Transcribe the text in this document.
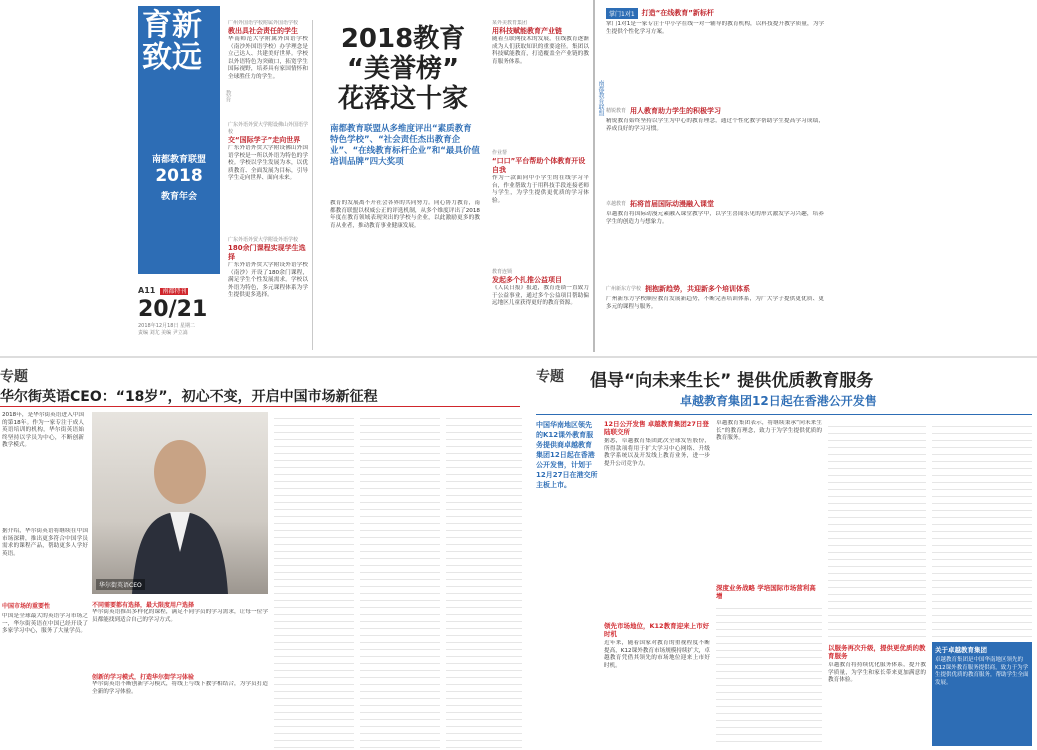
育新致远
南都教育联盟
2018
教育年会
教育
A11 南都特刊
20/21
2018年12月18日 星期二
责编 刘尤 美编 尹立嵩
广州外国语学校附属外国语学校
教出具社会责任的学生
华南师范大学附属外国语学校（南沙外国语学校）办学理念是立己达人、共建美好世界。学校以外语特色为突破口，拓宽学生国际视野，培养具有家国情怀和全球胜任力的学生。
广东外语外贸大学附设佛山外国语学校
交“国际学子”走向世界
广东外语外贸大学附设佛山外国语学校是一所以外语为特色的学校。学校以学生发展为本，以优质教育、全面发展为目标，引导学生走向世界、面向未来。
广东外语外贸大学附设外语学校
180余门课程实现学生选择
广东外语外贸大学附设外语学校（南沙）开设了180余门课程，满足学生个性发展需求。学校以外语为特色，多元课程体系为学生提供更多选择。
2018教育
“美誉榜”
花落这十家
南都教育联盟从多维度评出“素质教育特色学校”、“社会责任杰出教育企业”、“在线教育标杆企业”和“最具价值培训品牌”四大奖项
教育的发展离不开社会各界的共同努力。同心协力教育，南都教育联盟以权威公正的评选机制，从多个维度评出了2018年度在教育领域表现突出的学校与企业，以此激励更多的教育从业者，推动教育事业健康发展。
某外美教育集团
用科技赋能教育产业链
随着互联网技术的发展，在线教育逐渐成为人们获取知识的重要途径。集团以科技赋能教育，打造覆盖全产业链的教育服务体系。
作业帮
“口口”平台帮助个体教育开设自我
作为一款面向中小学生的在线学习平台，作业帮致力于用科技手段连接老师与学生，为学生提供更优质的学习体验。
教育连锁
发起多个扎推公益项目
《人民日报》报道，教育连锁一直致力于公益事业，通过多个公益项目帮助偏远地区儿童获得更好的教育资源。
南都教育联盟
掌门1对1	打造“在线教育”新标杆
掌门1对1是一家专注于中小学在线一对一辅导的教育机构，以科技提升教学质量，为学生提供个性化学习方案。
精锐教育 用人教育助力学生的积极学习
精锐教育始终坚持以学生为中心的教育理念，通过个性化教学帮助学生提高学习成绩，养成良好的学习习惯。
卓越教育 拓将首届国际动漫融入课堂
卓越教育将国际动漫元素融入课堂教学中，以学生喜闻乐见的形式激发学习兴趣，培养学生的创造力与想象力。
广州新东方学校 拥抱新趋势，共迎新多个培训体系
广州新东方学校顺应教育发展新趋势，不断完善培训体系，为广大学子提供更优质、更多元的课程与服务。
专题
华尔街英语CEO：“18岁”，初心不变，开启中国市场新征程
2018年，是华尔街英语进入中国的第18年。作为一家专注于成人英语培训的机构，华尔街英语始终坚持以学员为中心，不断创新教学模式。
华尔街英语CEO
据介绍，华尔街英语将继续在中国市场深耕，推出更多符合中国学员需求的课程产品，帮助更多人学好英语。
中国市场的重要性
中国是全球最大的英语学习市场之一，华尔街英语在中国已经开设了多家学习中心，服务了大量学员。
不同需要都有选择，最大限度用户选择
华尔街英语推出多样化的课程，满足不同学员的学习需求，让每一位学员都能找到适合自己的学习方式。
创新的学习模式，打造华尔街学习体验
华尔街英语不断创新学习模式，将线上与线下教学相结合，为学员打造全新的学习体验。
专题 倡导“向未来生长” 提供优质教育服务
卓越教育集团12日起在香港公开发售
中国华南地区领先的K12课外教育服务提供商卓越教育集团12日起在香港公开发售，计划于12月27日在港交所主板上市。
12日公开发售 卓越教育集团27日登陆联交所
据悉，卓越教育集团此次全球发售股份，所得款项将用于扩大学习中心网络、升级教学系统以及开发线上教育业务，进一步提升公司竞争力。
领先市场地位，K12教育迎来上市好时机
近年来，随着国家对教育的重视程度不断提高，K12课外教育市场规模持续扩大，卓越教育凭借其领先的市场地位迎来上市好时机。
卓越教育集团表示，将继续秉承“向未来生长”的教育理念，致力于为学生提供优质的教育服务。
深度业务战略 学培国际市场营利高增
以服务再次升级，提供更优质的教育服务
卓越教育将持续优化服务体系，提升教学质量，为学生和家长带来更加满意的教育体验。
关于卓越教育集团
卓越教育集团是中国华南地区领先的K12课外教育服务提供商，致力于为学生提供优质的教育服务，帮助学生全面发展。
